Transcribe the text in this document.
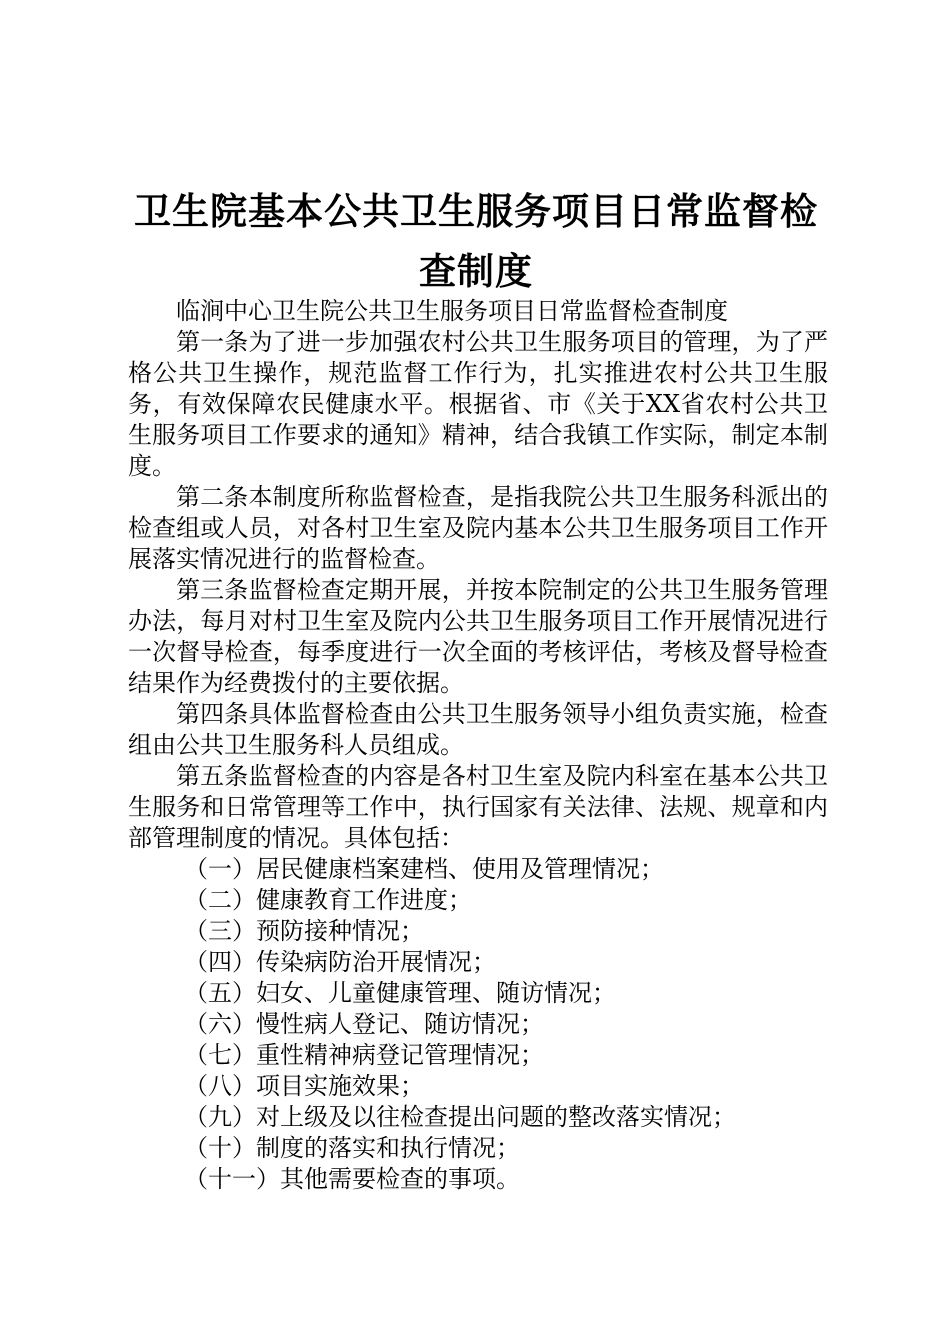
卫生院基本公共卫生服务项目日常监督检查制度

临涧中心卫生院公共卫生服务项目日常监督检查制度

第一条为了进一步加强农村公共卫生服务项目的管理，为了严格公共卫生操作，规范监督工作行为，扎实推进农村公共卫生服务，有效保障农民健康水平。根据省、市《关于XX省农村公共卫生服务项目工作要求的通知》精神，结合我镇工作实际，制定本制度。

第二条本制度所称监督检查，是指我院公共卫生服务科派出的检查组或人员，对各村卫生室及院内基本公共卫生服务项目工作开展落实情况进行的监督检查。

第三条监督检查定期开展，并按本院制定的公共卫生服务管理办法，每月对村卫生室及院内公共卫生服务项目工作开展情况进行一次督导检查，每季度进行一次全面的考核评估，考核及督导检查结果作为经费拨付的主要依据。

第四条具体监督检查由公共卫生服务领导小组负责实施，检查组由公共卫生服务科人员组成。

第五条监督检查的内容是各村卫生室及院内科室在基本公共卫生服务和日常管理等工作中，执行国家有关法律、法规、规章和内部管理制度的情况。具体包括：

（一）居民健康档案建档、使用及管理情况；

（二）健康教育工作进度；

（三）预防接种情况；

（四）传染病防治开展情况；

（五）妇女、儿童健康管理、随访情况；

（六）慢性病人登记、随访情况；

（七）重性精神病登记管理情况；

（八）项目实施效果；

（九）对上级及以往检查提出问题的整改落实情况；

（十）制度的落实和执行情况；

（十一）其他需要检查的事项。
